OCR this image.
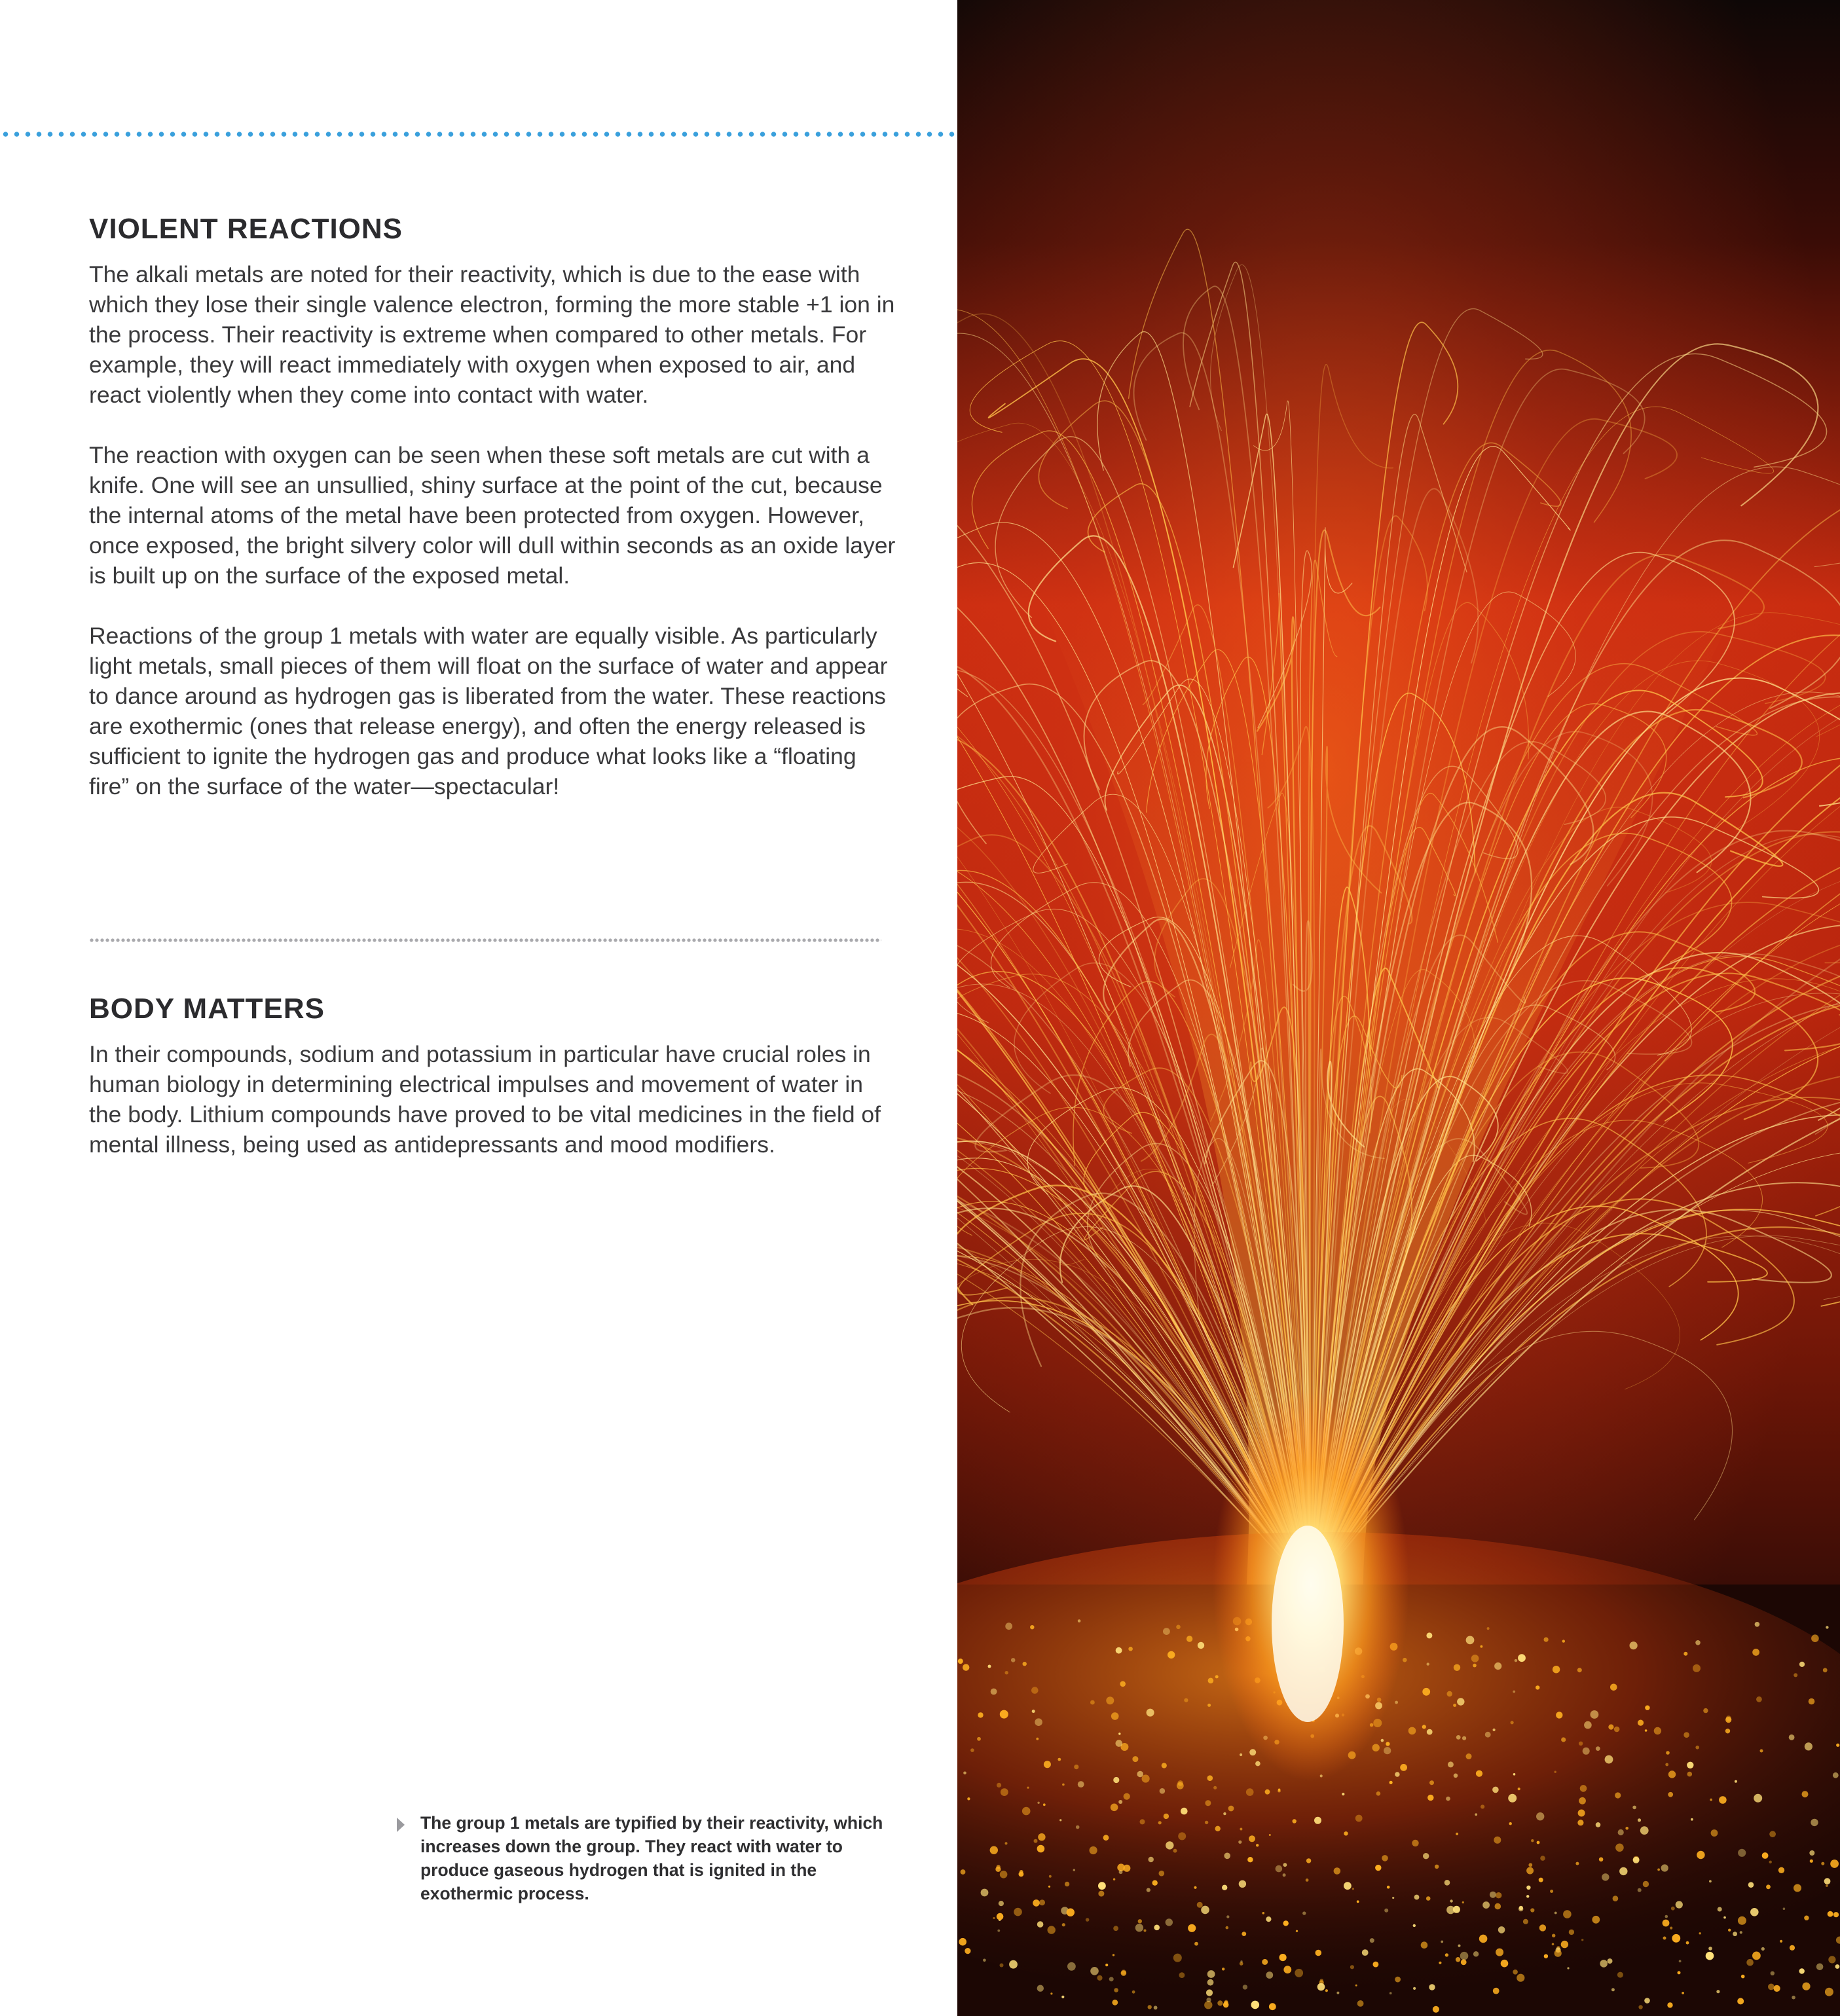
VIOLENT REACTIONS

The alkali metals are noted for their reactivity, which is due to the ease with which they lose their single valence electron, forming the more stable +1 ion in the process. Their reactivity is extreme when compared to other metals. For example, they will react immediately with oxygen when exposed to air, and react violently when they come into contact with water.

The reaction with oxygen can be seen when these soft metals are cut with a knife. One will see an unsullied, shiny surface at the point of the cut, because the internal atoms of the metal have been protected from oxygen. However, once exposed, the bright silvery color will dull within seconds as an oxide layer is built up on the surface of the exposed metal.

Reactions of the group 1 metals with water are equally visible. As particularly light metals, small pieces of them will float on the surface of water and appear to dance around as hydrogen gas is liberated from the water. These reactions are exothermic (ones that release energy), and often the energy released is sufficient to ignite the hydrogen gas and produce what looks like a “floating fire” on the surface of the water—spectacular!

BODY MATTERS

In their compounds, sodium and potassium in particular have crucial roles in human biology in determining electrical impulses and movement of water in the body. Lithium compounds have proved to be vital medicines in the field of mental illness, being used as antidepressants and mood modifiers.

The group 1 metals are typified by their reactivity, which increases down the group. They react with water to produce gaseous hydrogen that is ignited in the exothermic process.
